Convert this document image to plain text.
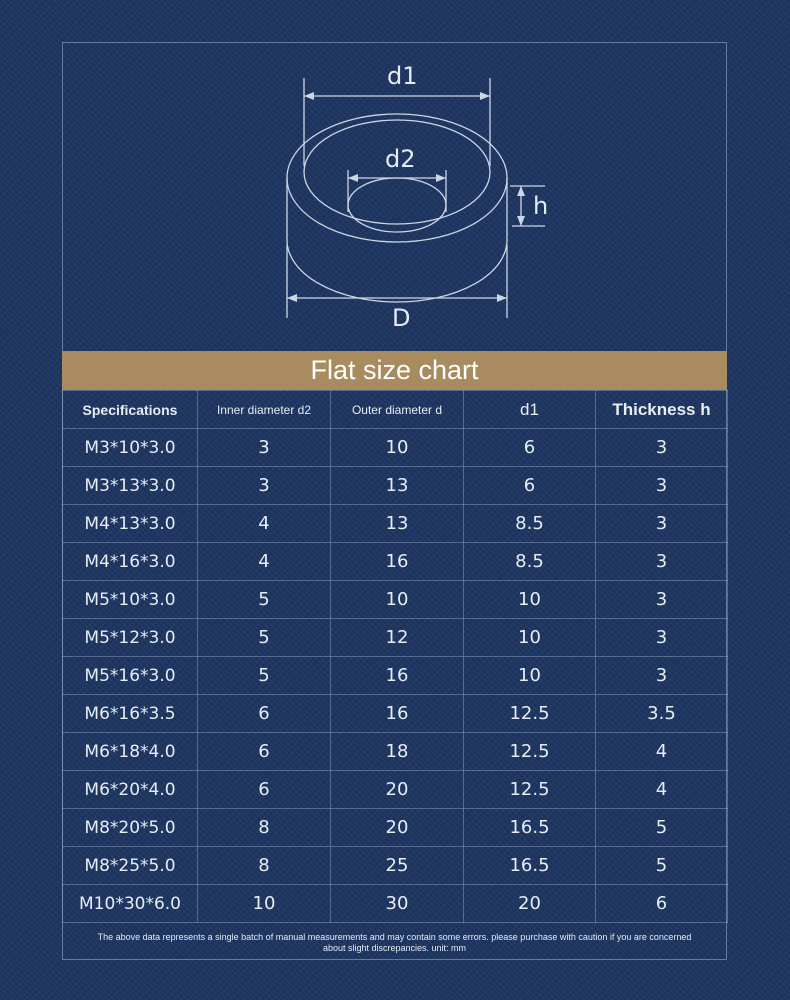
d1
d2
h
D
Flat size chart
Specifications	Inner diameter d2	Outer diameter d	d1	Thickness h
M3*10*3.0	3	10	6	3
M3*13*3.0	3	13	6	3
M4*13*3.0	4	13	8.5	3
M4*16*3.0	4	16	8.5	3
M5*10*3.0	5	10	10	3
M5*12*3.0	5	12	10	3
M5*16*3.0	5	16	10	3
M6*16*3.5	6	16	12.5	3.5
M6*18*4.0	6	18	12.5	4
M6*20*4.0	6	20	12.5	4
M8*20*5.0	8	20	16.5	5
M8*25*5.0	8	25	16.5	5
M10*30*6.0	10	30	20	6
The above data represents a single batch of manual measurements and may contain some errors. please purchase with caution if you are concerned about slight discrepancies. unit: mm
